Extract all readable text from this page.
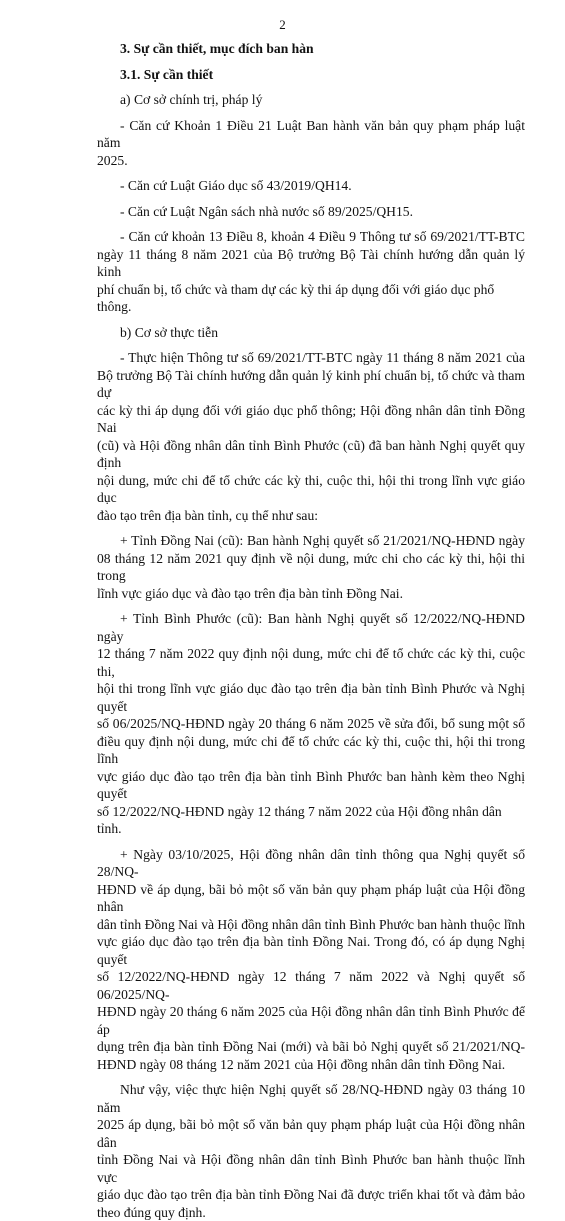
2

3. Sự cần thiết, mục đích ban hàn

3.1. Sự cần thiết

a) Cơ sở chính trị, pháp lý

- Căn cứ Khoản 1 Điều 21 Luật Ban hành văn bản quy phạm pháp luật năm

2025.

- Căn cứ Luật Giáo dục số 43/2019/QH14.

- Căn cứ Luật Ngân sách nhà nước số 89/2025/QH15.

- Căn cứ khoản 13 Điều 8, khoản 4 Điều 9 Thông tư số 69/2021/TT-BTC

ngày 11 tháng 8 năm 2021 của Bộ trưởng Bộ Tài chính hướng dẫn quản lý kinh

phí chuẩn bị, tổ chức và tham dự các kỳ thi áp dụng đối với giáo dục phổ thông.

b) Cơ sở thực tiễn

- Thực hiện Thông tư số 69/2021/TT-BTC ngày 11 tháng 8 năm 2021 của

Bộ trưởng Bộ Tài chính hướng dẫn quản lý kinh phí chuẩn bị, tổ chức và tham dự

các kỳ thi áp dụng đối với giáo dục phổ thông; Hội đồng nhân dân tỉnh Đồng Nai

(cũ) và Hội đồng nhân dân tỉnh Bình Phước (cũ) đã ban hành Nghị quyết quy định

nội dung, mức chi để tổ chức các kỳ thi, cuộc thi, hội thi trong lĩnh vực giáo dục

đào tạo trên địa bàn tỉnh, cụ thể như sau:

+ Tỉnh Đồng Nai (cũ): Ban hành Nghị quyết số 21/2021/NQ-HĐND ngày

08 tháng 12 năm 2021 quy định về nội dung, mức chi cho các kỳ thi, hội thi trong

lĩnh vực giáo dục và đào tạo trên địa bàn tỉnh Đồng Nai.

+ Tỉnh Bình Phước (cũ): Ban hành Nghị quyết số 12/2022/NQ-HĐND ngày

12 tháng 7 năm 2022 quy định nội dung, mức chi để tổ chức các kỳ thi, cuộc thi,

hội thi trong lĩnh vực giáo dục đào tạo trên địa bàn tỉnh Bình Phước và Nghị quyết

số 06/2025/NQ-HĐND ngày 20 tháng 6 năm 2025 về sửa đổi, bổ sung một số

điều quy định nội dung, mức chi để tổ chức các kỳ thi, cuộc thi, hội thi trong lĩnh

vực giáo dục đào tạo trên địa bàn tỉnh Bình Phước ban hành kèm theo Nghị quyết

số 12/2022/NQ-HĐND ngày 12 tháng 7 năm 2022 của Hội đồng nhân dân tỉnh.

+ Ngày 03/10/2025, Hội đồng nhân dân tỉnh thông qua Nghị quyết số 28/NQ-

HĐND về áp dụng, bãi bỏ một số văn bản quy phạm pháp luật của Hội đồng nhân

dân tỉnh Đồng Nai và Hội đồng nhân dân tỉnh Bình Phước ban hành thuộc lĩnh

vực giáo dục đào tạo trên địa bàn tỉnh Đồng Nai. Trong đó, có áp dụng Nghị quyết

số 12/2022/NQ-HĐND ngày 12 tháng 7 năm 2022 và Nghị quyết số 06/2025/NQ-

HĐND ngày 20 tháng 6 năm 2025 của Hội đồng nhân dân tỉnh Bình Phước để áp

dụng trên địa bàn tỉnh Đồng Nai (mới) và bãi bỏ Nghị quyết số 21/2021/NQ-

HĐND ngày 08 tháng 12 năm 2021 của Hội đồng nhân dân tỉnh Đồng Nai.

Như vậy, việc thực hiện Nghị quyết số 28/NQ-HĐND ngày 03 tháng 10 năm

2025 áp dụng, bãi bỏ một số văn bản quy phạm pháp luật của Hội đồng nhân dân

tỉnh Đồng Nai và Hội đồng nhân dân tỉnh Bình Phước ban hành thuộc lĩnh vực

giáo dục đào tạo trên địa bàn tỉnh Đồng Nai đã được triển khai tốt và đảm bảo

theo đúng quy định.
